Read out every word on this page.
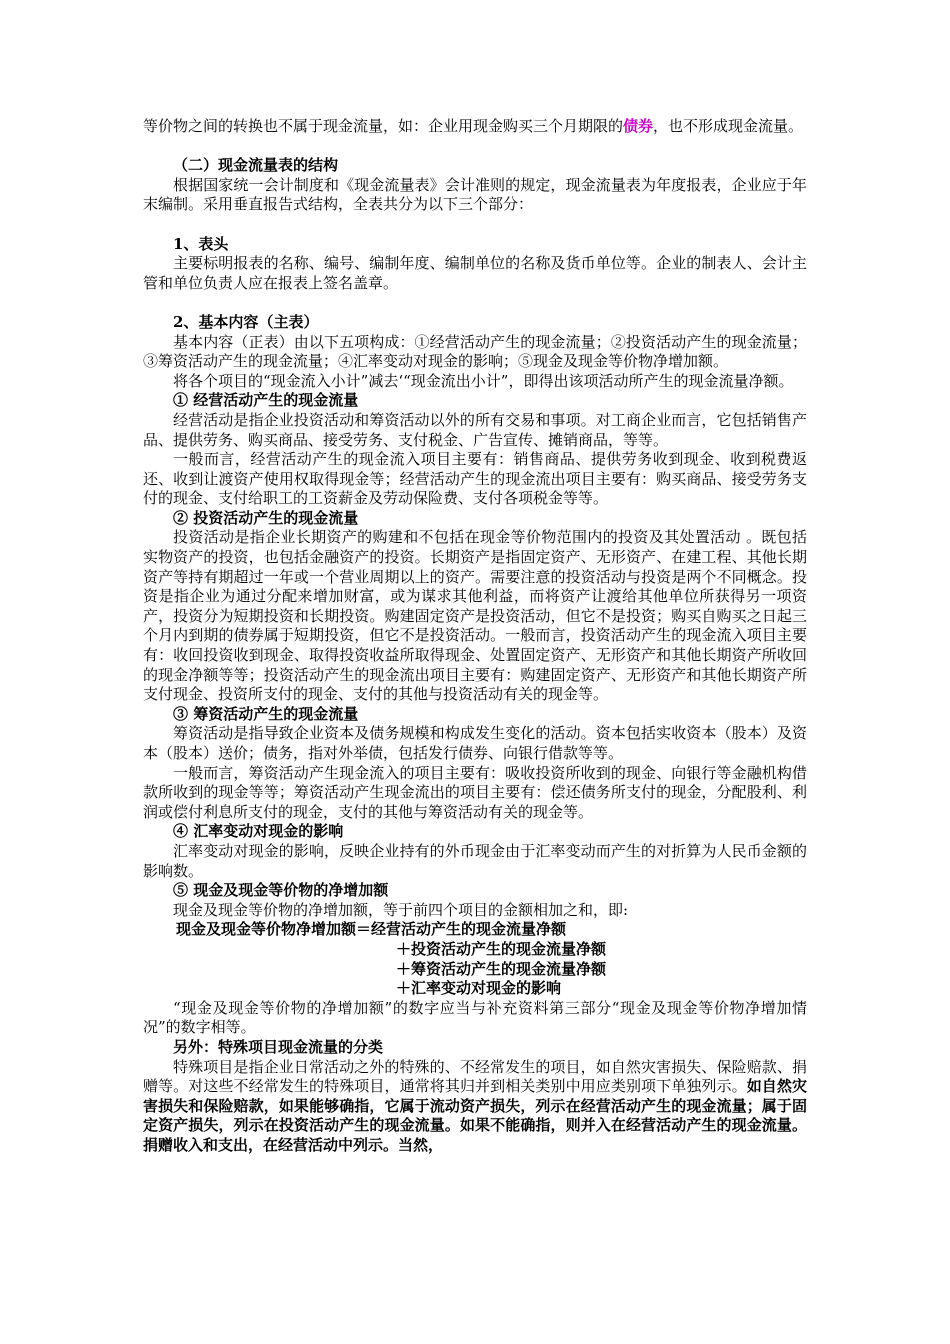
等价物之间的转换也不属于现金流量，如：企业用现金购买三个月期限的债券，也不形成现金流量。

（二）现金流量表的结构

根据国家统一会计制度和《现金流量表》会计准则的规定，现金流量表为年度报表，企业应于年末编制。采用垂直报告式结构，全表共分为以下三个部分：

1、表头

主要标明报表的名称、编号、编制年度、编制单位的名称及货币单位等。企业的制表人、会计主管和单位负责人应在报表上签名盖章。

2、基本内容（主表）

基本内容（正表）由以下五项构成：①经营活动产生的现金流量；②投资活动产生的现金流量；③筹资活动产生的现金流量；④汇率变动对现金的影响；⑤现金及现金等价物净增加额。

将各个项目的“现金流入小计”减去‘“现金流出小计”，即得出该项活动所产生的现金流量净额。

① 经营活动产生的现金流量

经营活动是指企业投资活动和筹资活动以外的所有交易和事项。对工商企业而言，它包括销售产品、提供劳务、购买商品、接受劳务、支付税金、广告宣传、摊销商品，等等。

一般而言，经营活动产生的现金流入项目主要有：销售商品、提供劳务收到现金、收到税费返还、收到让渡资产使用权取得现金等；经营活动产生的现金流出项目主要有：购买商品、接受劳务支付的现金、支付给职工的工资薪金及劳动保险费、支付各项税金等等。

② 投资活动产生的现金流量

投资活动是指企业长期资产的购建和不包括在现金等价物范围内的投资及其处置活动 。既包括实物资产的投资，也包括金融资产的投资。长期资产是指固定资产、无形资产、在建工程、其他长期资产等持有期超过一年或一个营业周期以上的资产。需要注意的投资活动与投资是两个不同概念。投资是指企业为通过分配来增加财富，或为谋求其他利益，而将资产让渡给其他单位所获得另一项资产，投资分为短期投资和长期投资。购建固定资产是投资活动，但它不是投资；购买自购买之日起三个月内到期的债券属于短期投资，但它不是投资活动。一般而言，投资活动产生的现金流入项目主要有：收回投资收到现金、取得投资收益所取得现金、处置固定资产、无形资产和其他长期资产所收回的现金净额等等；投资活动产生的现金流出项目主要有：购建固定资产、无形资产和其他长期资产所支付现金、投资所支付的现金、支付的其他与投资活动有关的现金等。

③ 筹资活动产生的现金流量

筹资活动是指导致企业资本及债务规模和构成发生变化的活动。资本包括实收资本（股本）及资本（股本）送价；债务，指对外举债，包括发行债券、向银行借款等等。

一般而言，筹资活动产生现金流入的项目主要有：吸收投资所收到的现金、向银行等金融机构借款所收到的现金等等；筹资活动产生现金流出的项目主要有：偿还债务所支付的现金，分配股利、利润或偿付利息所支付的现金，支付的其他与筹资活动有关的现金等。

④ 汇率变动对现金的影响

汇率变动对现金的影响，反映企业持有的外币现金由于汇率变动而产生的对折算为人民币金额的影响数。

⑤ 现金及现金等价物的净增加额

现金及现金等价物的净增加额，等于前四个项目的金额相加之和，即:

现金及现金等价物净增加额＝经营活动产生的现金流量净额

＋投资活动产生的现金流量净额

＋筹资活动产生的现金流量净额

＋汇率变动对现金的影响

“现金及现金等价物的净增加额”的数字应当与补充资料第三部分“现金及现金等价物净增加情况”的数字相等。

另外：特殊项目现金流量的分类

特殊项目是指企业日常活动之外的特殊的、不经常发生的项目，如自然灾害损失、保险赔款、捐赠等。对这些不经常发生的特殊项目，通常将其归并到相关类别中用应类别项下单独列示。如自然灾害损失和保险赔款，如果能够确指，它属于流动资产损失，列示在经营活动产生的现金流量；属于固定资产损失，列示在投资活动产生的现金流量。如果不能确指，则并入在经营活动产生的现金流量。捐赠收入和支出，在经营活动中列示。当然，
